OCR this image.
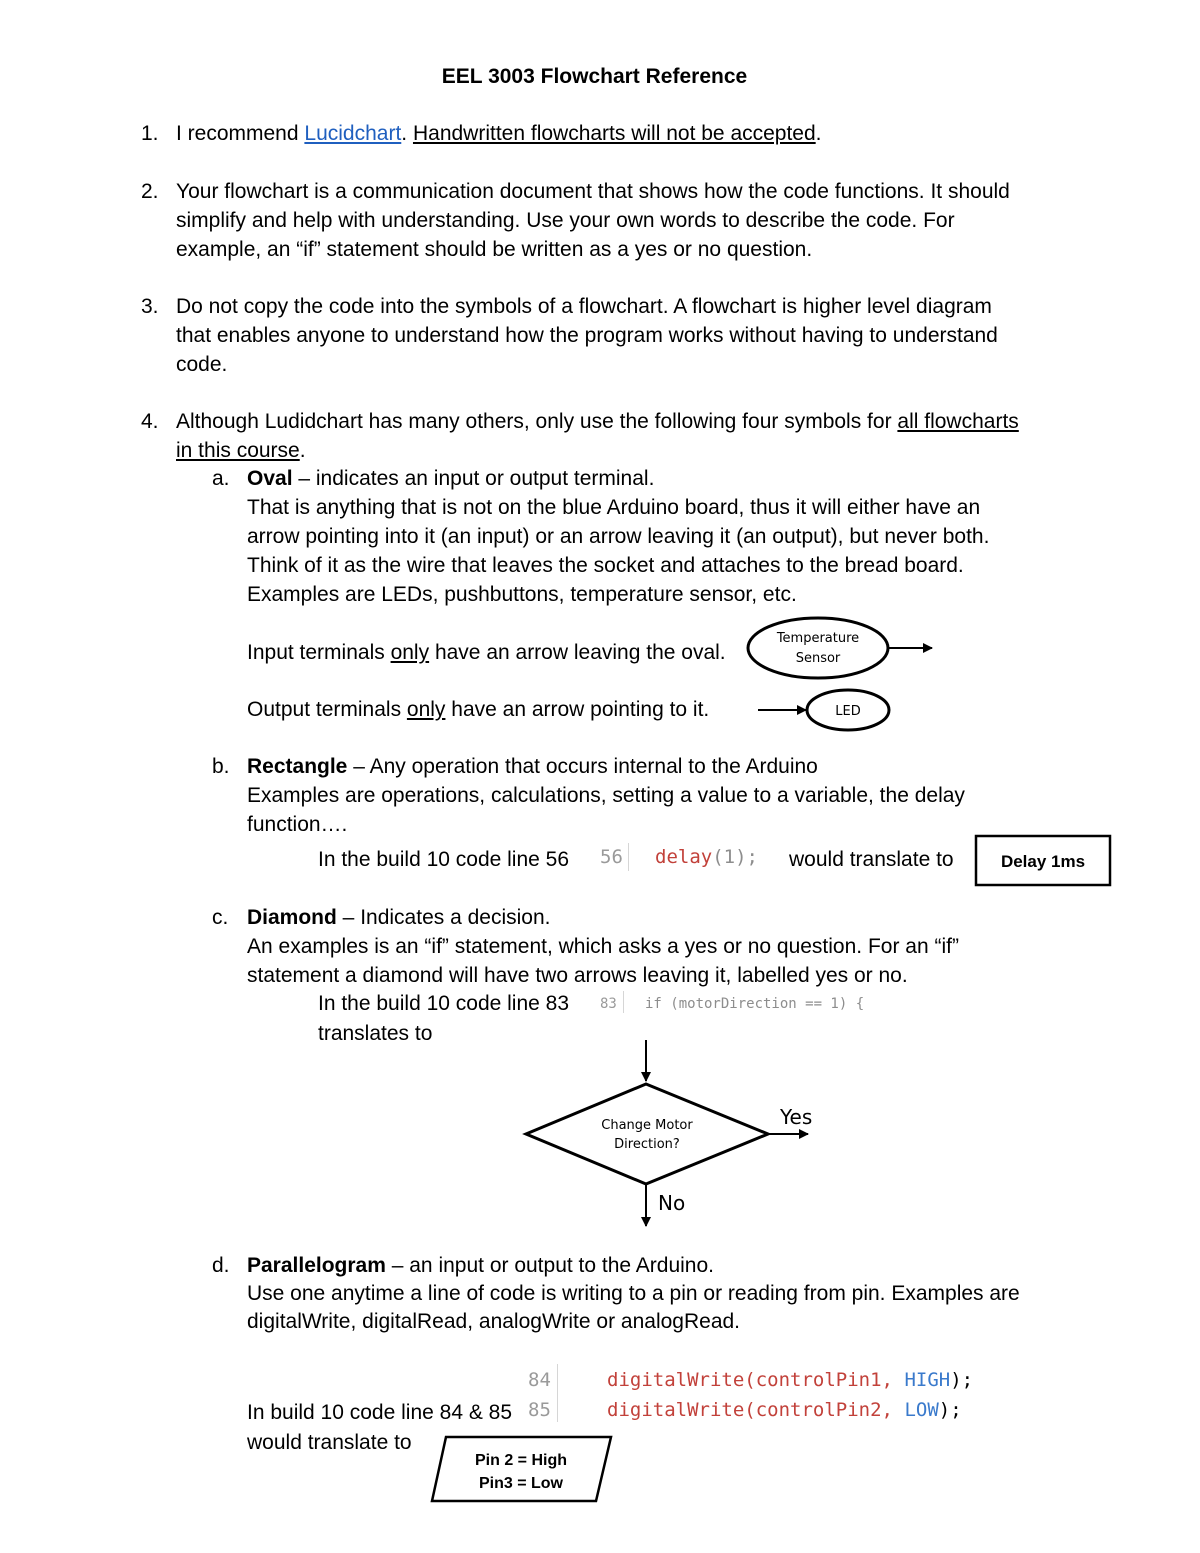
EEL 3003 Flowchart Reference
1. I recommend Lucidchart. Handwritten flowcharts will not be accepted.
2. Your flowchart is a communication document that shows how the code functions. It should
simplify and help with understanding. Use your own words to describe the code. For
example, an “if” statement should be written as a yes or no question.
3. Do not copy the code into the symbols of a flowchart. A flowchart is higher level diagram
that enables anyone to understand how the program works without having to understand
code.
4. Although Ludidchart has many others, only use the following four symbols for all flowcharts
in this course.
a. Oval – indicates an input or output terminal.
That is anything that is not on the blue Arduino board, thus it will either have an
arrow pointing into it (an input) or an arrow leaving it (an output), but never both.
Think of it as the wire that leaves the socket and attaches to the bread board.
Examples are LEDs, pushbuttons, temperature sensor, etc.
Input terminals only have an arrow leaving the oval.
Output terminals only have an arrow pointing to it.
b. Rectangle – Any operation that occurs internal to the Arduino
Examples are operations, calculations, setting a value to a variable, the delay
function….
In the build 10 code line 56 56 delay(1); would translate to
c. Diamond – Indicates a decision.
An examples is an “if” statement, which asks a yes or no question. For an “if”
statement a diamond will have two arrows leaving it, labelled yes or no.
In the build 10 code line 83
translates to
83 if (motorDirection == 1) {
d. Parallelogram – an input or output to the Arduino.
Use one anytime a line of code is writing to a pin or reading from pin. Examples are
digitalWrite, digitalRead, analogWrite or analogRead.
In build 10 code line 84 & 85
would translate to
84
85
digitalWrite(controlPin1, HIGH);
digitalWrite(controlPin2, LOW);
Temperature
Sensor
LED
Delay 1ms
Change Motor
Direction?
Yes
No
Pin 2 = High
Pin3 = Low
